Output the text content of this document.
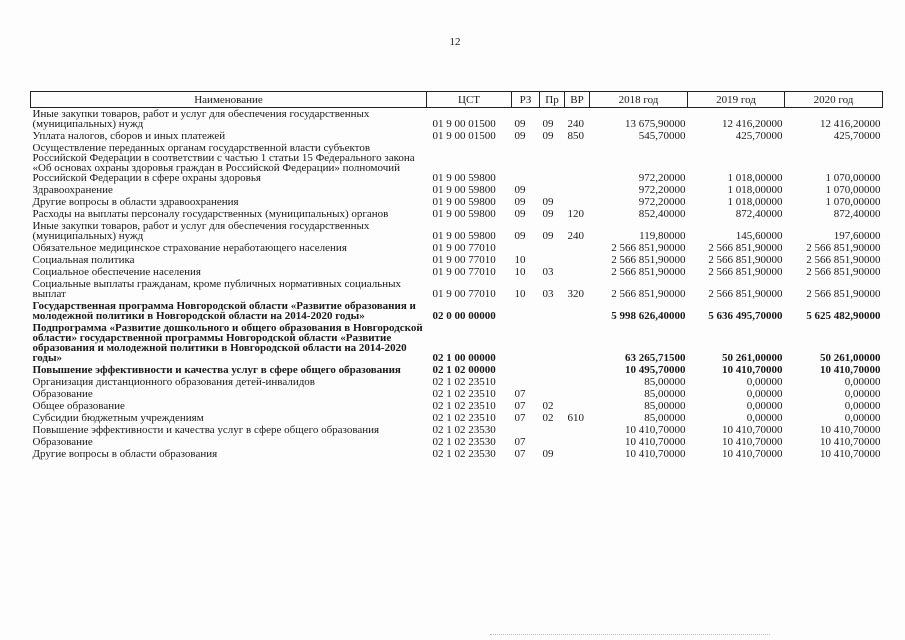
12
Наименование	ЦСТ	РЗ	Пр	ВР	2018 год	2019 год	2020 год
Иные закупки товаров, работ и услуг для обеспечения государственных (муниципальных) нужд	01 9 00 01500	09	09	240	13 675,90000	12 416,20000	12 416,20000
Уплата налогов, сборов и иных платежей	01 9 00 01500	09	09	850	545,70000	425,70000	425,70000
Осуществление переданных органам государственной власти субъектов Российской Федерации в соответствии с частью 1 статьи 15 Федерального закона «Об основах охраны здоровья граждан в Российской Федерации» полномочий Российской Федерации в сфере охраны здоровья	01 9 00 59800				972,20000	1 018,00000	1 070,00000
Здравоохранение	01 9 00 59800	09			972,20000	1 018,00000	1 070,00000
Другие вопросы в области здравоохранения	01 9 00 59800	09	09		972,20000	1 018,00000	1 070,00000
Расходы на выплаты персоналу государственных (муниципальных) органов	01 9 00 59800	09	09	120	852,40000	872,40000	872,40000
Иные закупки товаров, работ и услуг для обеспечения государственных (муниципальных) нужд	01 9 00 59800	09	09	240	119,80000	145,60000	197,60000
Обязательное медицинское страхование неработающего населения	01 9 00 77010				2 566 851,90000	2 566 851,90000	2 566 851,90000
Социальная политика	01 9 00 77010	10			2 566 851,90000	2 566 851,90000	2 566 851,90000
Социальное обеспечение населения	01 9 00 77010	10	03		2 566 851,90000	2 566 851,90000	2 566 851,90000
Социальные выплаты гражданам, кроме публичных нормативных социальных выплат	01 9 00 77010	10	03	320	2 566 851,90000	2 566 851,90000	2 566 851,90000
Государственная программа Новгородской области «Развитие образования и молодежной политики в Новгородской области на 2014-2020 годы»	02 0 00 00000				5 998 626,40000	5 636 495,70000	5 625 482,90000
Подпрограмма «Развитие дошкольного и общего образования в Новгородской области» государственной программы Новгородской области «Развитие образования и молодежной политики в Новгородской области на 2014-2020 годы»	02 1 00 00000				63 265,71500	50 261,00000	50 261,00000
Повышение эффективности и качества услуг в сфере общего образования	02 1 02 00000				10 495,70000	10 410,70000	10 410,70000
Организация дистанционного образования детей-инвалидов	02 1 02 23510				85,00000	0,00000	0,00000
Образование	02 1 02 23510	07			85,00000	0,00000	0,00000
Общее образование	02 1 02 23510	07	02		85,00000	0,00000	0,00000
Субсидии бюджетным учреждениям	02 1 02 23510	07	02	610	85,00000	0,00000	0,00000
Повышение эффективности и качества услуг в сфере общего образования	02 1 02 23530				10 410,70000	10 410,70000	10 410,70000
Образование	02 1 02 23530	07			10 410,70000	10 410,70000	10 410,70000
Другие вопросы в области образования	02 1 02 23530	07	09		10 410,70000	10 410,70000	10 410,70000
